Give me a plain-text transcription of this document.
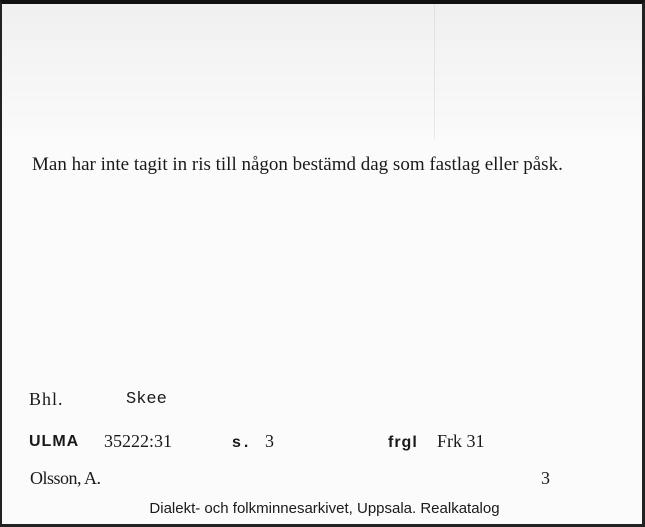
Man har inte tagit in ris till någon bestämd dag som fastlag eller påsk.

Bhl.	Skee
ULMA 35222:31	s. 3	frgl Frk 31
Olsson, A.	3
Dialekt- och folkminnesarkivet, Uppsala. Realkatalog
